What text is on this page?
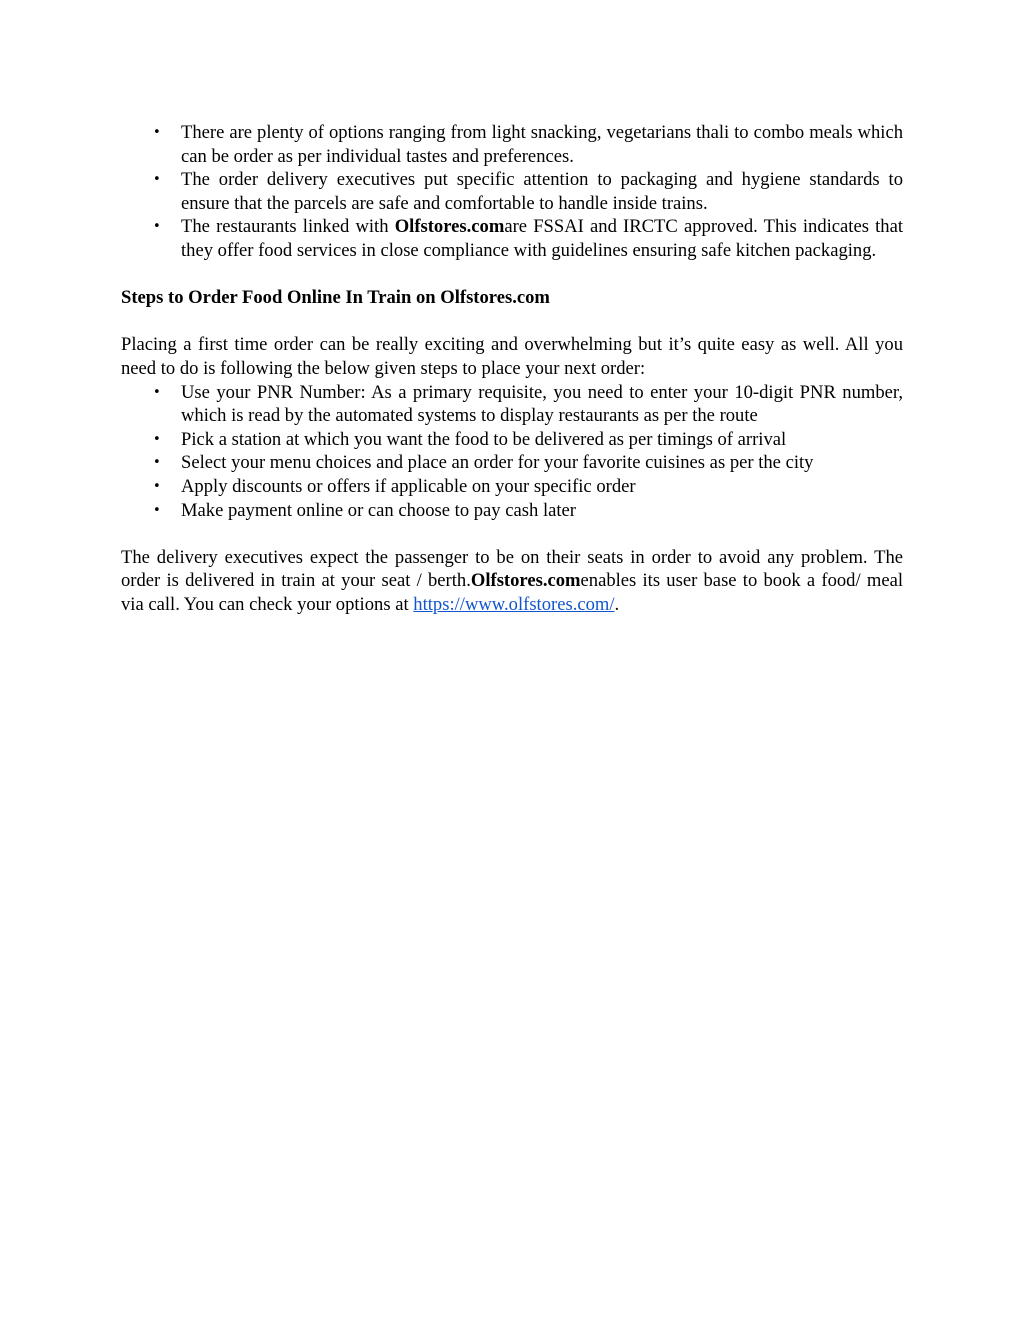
• There are plenty of options ranging from light snacking, vegetarians thali to combo meals which can be order as per individual tastes and preferences.
• The order delivery executives put specific attention to packaging and hygiene standards to ensure that the parcels are safe and comfortable to handle inside trains.
• The restaurants linked with Olfstores.comare FSSAI and IRCTC approved. This indicates that they offer food services in close compliance with guidelines ensuring safe kitchen packaging.

Steps to Order Food Online In Train on Olfstores.com

Placing a first time order can be really exciting and overwhelming but it’s quite easy as well. All you need to do is following the below given steps to place your next order:

• Use your PNR Number: As a primary requisite, you need to enter your 10-digit PNR number, which is read by the automated systems to display restaurants as per the route
• Pick a station at which you want the food to be delivered as per timings of arrival
• Select your menu choices and place an order for your favorite cuisines as per the city
• Apply discounts or offers if applicable on your specific order
• Make payment online or can choose to pay cash later

The delivery executives expect the passenger to be on their seats in order to avoid any problem. The order is delivered in train at your seat / berth.Olfstores.comenables its user base to book a food/ meal via call. You can check your options at https://www.olfstores.com/.
